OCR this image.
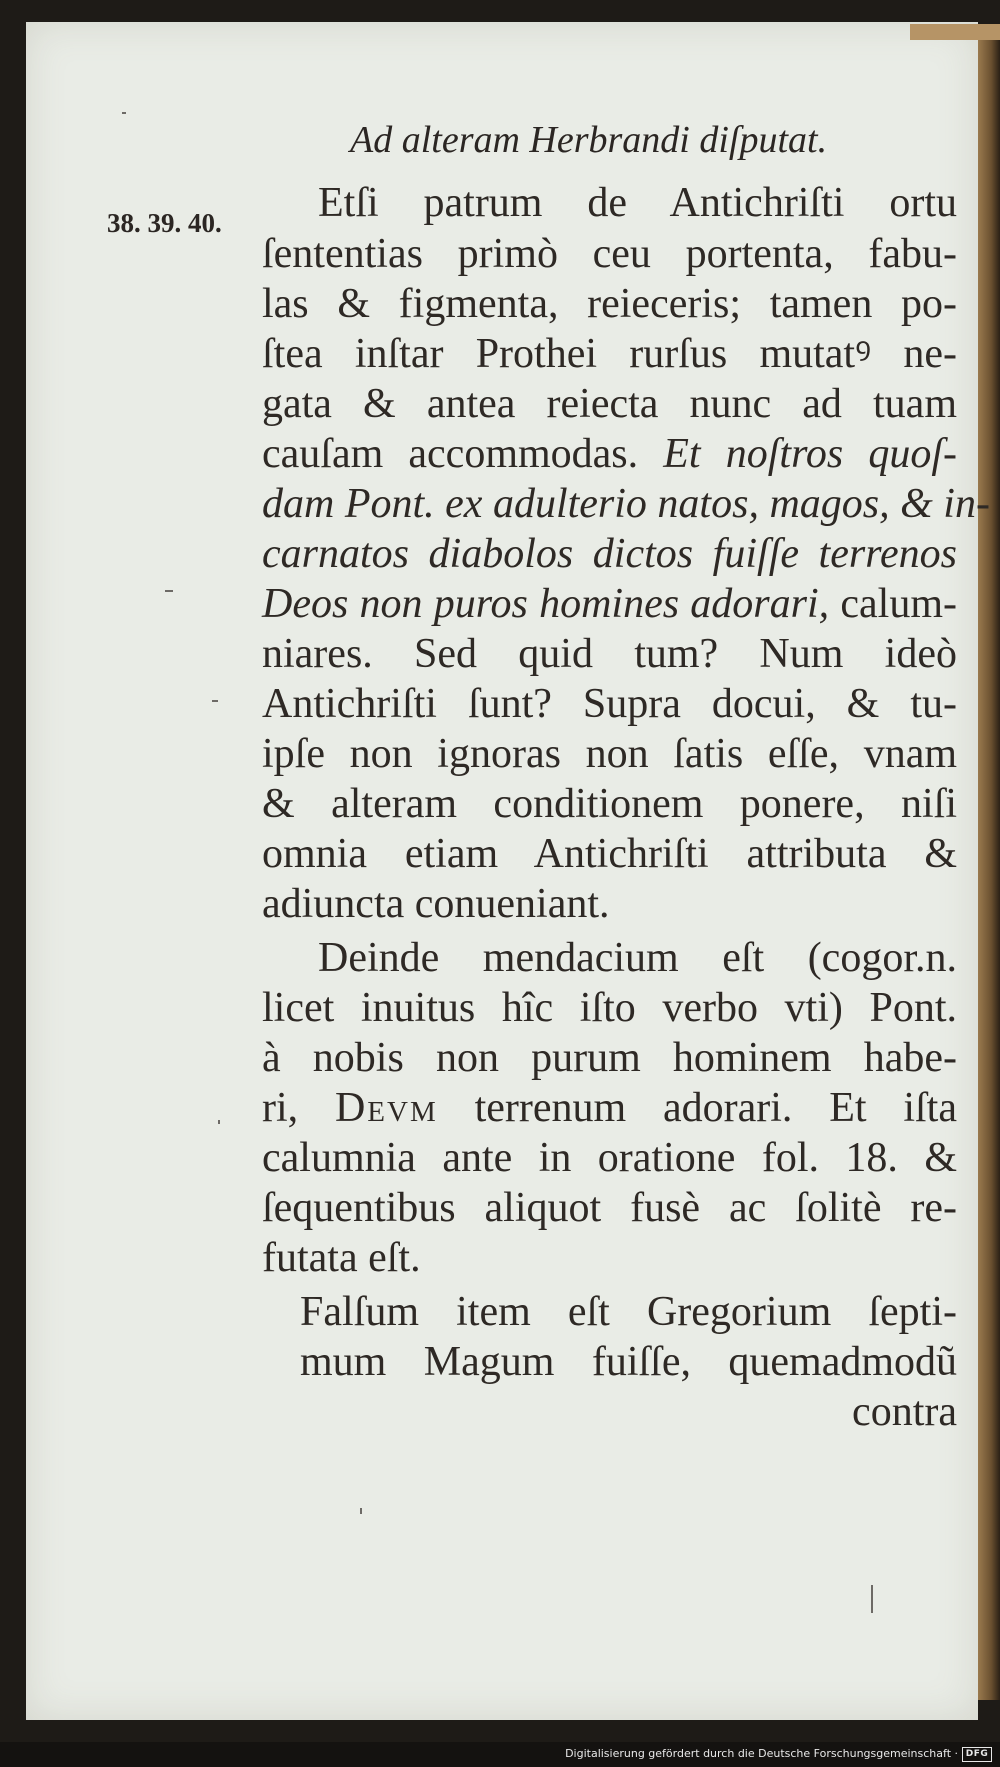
Ad alteram Herbrandi diſputat.
38. 39. 40. Etſi patrum de Antichriſti ortu
ſententias primò ceu portenta, fabu-
las & figmenta, reieceris; tamen po-
ſtea inſtar Prothei rurſus mutatꝰ ne-
gata & antea reiecta nunc ad tuam
cauſam accommodas. Et noſtros quoſ-
dam Pont. ex adulterio natos, magos, & in-
carnatos diabolos dictos fuiſſe terrenos
Deos non puros homines adorari, calum-
niares. Sed quid tum? Num ideò
Antichriſti ſunt? Supra docui, & tu-
ipſe non ignoras non ſatis eſſe, vnam
& alteram conditionem ponere, niſi
omnia etiam Antichriſti attributa &
adiuncta conueniant.
Deinde mendacium eſt (cogor.n.
licet inuitus hîc iſto verbo vti) Pont.
à nobis non purum hominem habe-
ri, Devm terrenum adorari. Et iſta
calumnia ante in oratione fol. 18. &
ſequentibus aliquot fusè ac ſolitè re-
futata eſt.
Falſum item eſt Gregorium ſepti-
mum Magum fuiſſe, quemadmodũ
contra
Digitalisierung gefördert durch die Deutsche Forschungsgemeinschaft · DFG
